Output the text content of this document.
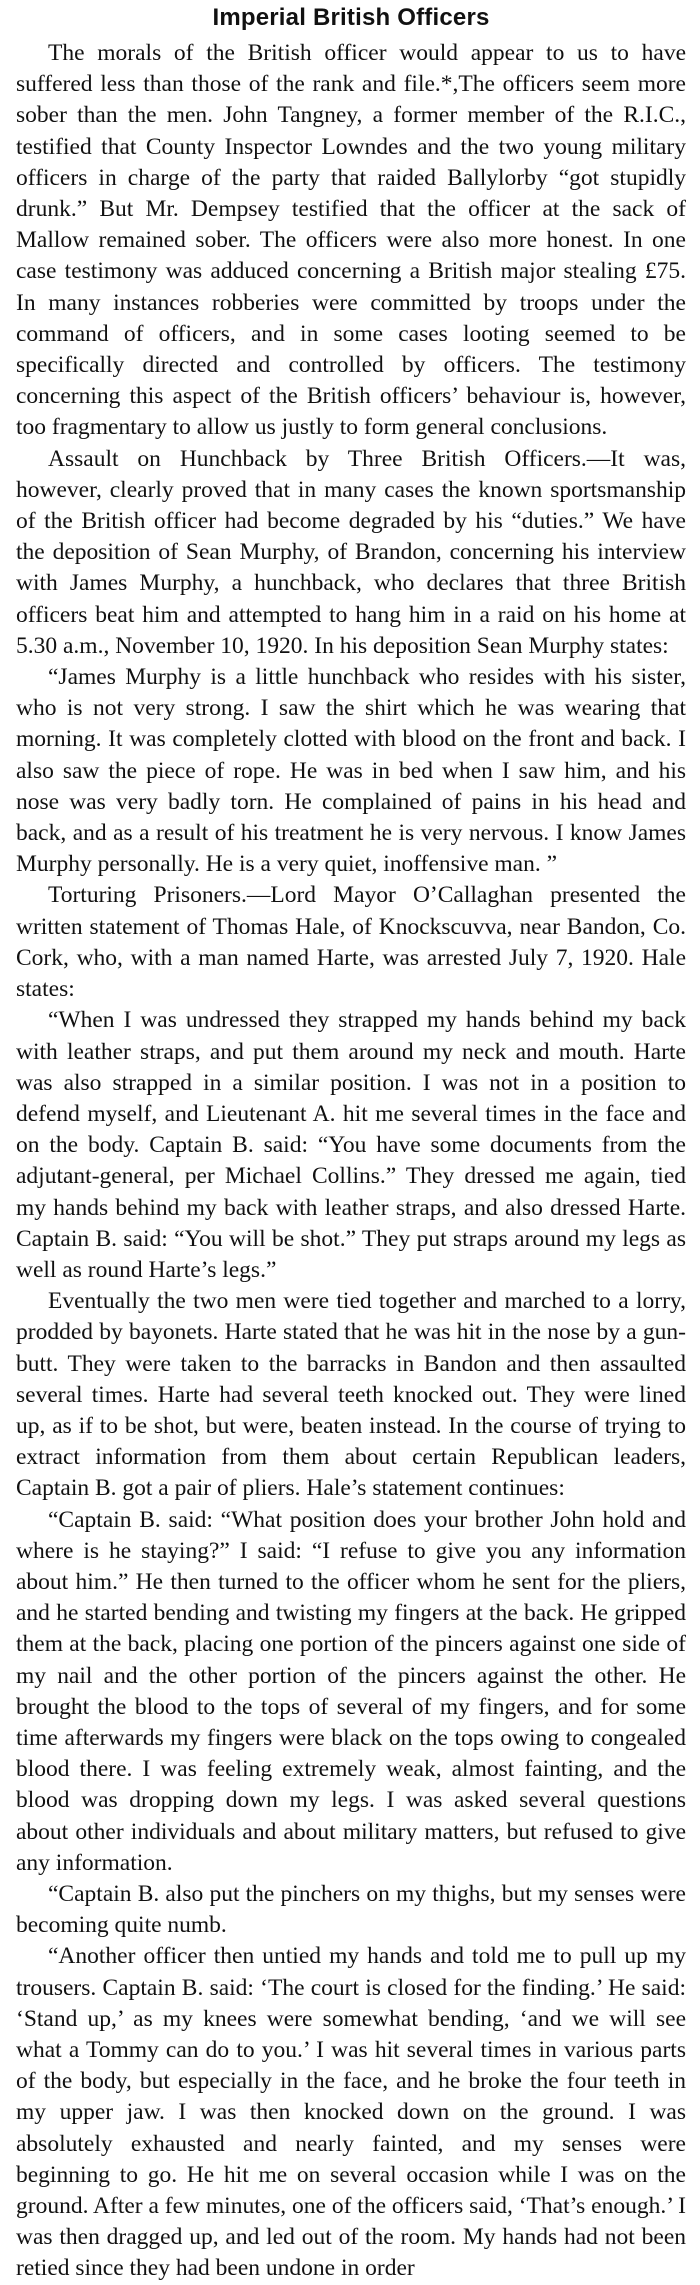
Imperial British Officers

The morals of the British officer would appear to us to have suffered less than those of the rank and file.*,The officers seem more sober than the men. John Tangney, a former member of the R.I.C., testified that County Inspector Lowndes and the two young military officers in charge of the party that raided Ballylorby “got stupidly drunk.” But Mr. Dempsey testified that the officer at the sack of Mallow remained sober. The officers were also more honest. In one case testimony was adduced concerning a British major stealing £75. In many instances robberies were committed by troops under the command of officers, and in some cases looting seemed to be specifically directed and controlled by officers. The testimony concerning this aspect of the British officers’ behaviour is, however, too fragmentary to allow us justly to form general conclusions.

Assault on Hunchback by Three British Officers.—It was, however, clearly proved that in many cases the known sportsmanship of the British officer had become degraded by his “duties.” We have the deposition of Sean Murphy, of Brandon, concerning his interview with James Murphy, a hunchback, who declares that three British officers beat him and attempted to hang him in a raid on his home at 5.30 a.m., November 10, 1920. In his deposition Sean Murphy states:

“James Murphy is a little hunchback who resides with his sister, who is not very strong. I saw the shirt which he was wearing that morning. It was completely clotted with blood on the front and back. I also saw the piece of rope. He was in bed when I saw him, and his nose was very badly torn. He complained of pains in his head and back, and as a result of his treatment he is very nervous. I know James Murphy personally. He is a very quiet, inoffensive man. ”

Torturing Prisoners.—Lord Mayor O’Callaghan presented the written statement of Thomas Hale, of Knockscuvva, near Bandon, Co. Cork, who, with a man named Harte, was arrested July 7, 1920. Hale states:

“When I was undressed they strapped my hands behind my back with leather straps, and put them around my neck and mouth. Harte was also strapped in a similar position. I was not in a position to defend myself, and Lieutenant A. hit me several times in the face and on the body. Captain B. said: “You have some documents from the adjutant-general, per Michael Collins.” They dressed me again, tied my hands behind my back with leather straps, and also dressed Harte. Captain B. said: “You will be shot.” They put straps around my legs as well as round Harte’s legs.”

Eventually the two men were tied together and marched to a lorry, prodded by bayonets. Harte stated that he was hit in the nose by a gun-butt. They were taken to the barracks in Bandon and then assaulted several times. Harte had several teeth knocked out. They were lined up, as if to be shot, but were, beaten instead. In the course of trying to extract information from them about certain Republican leaders, Captain B. got a pair of pliers. Hale’s statement continues:

“Captain B. said: “What position does your brother John hold and where is he staying?” I said: “I refuse to give you any information about him.” He then turned to the officer whom he sent for the pliers, and he started bending and twisting my fingers at the back. He gripped them at the back, placing one portion of the pincers against one side of my nail and the other portion of the pincers against the other. He brought the blood to the tops of several of my fingers, and for some time afterwards my fingers were black on the tops owing to congealed blood there. I was feeling extremely weak, almost fainting, and the blood was dropping down my legs. I was asked several questions about other individuals and about military matters, but refused to give any information.

“Captain B. also put the pinchers on my thighs, but my senses were becoming quite numb.

“Another officer then untied my hands and told me to pull up my trousers. Captain B. said: ‘The court is closed for the finding.’ He said: ‘Stand up,’ as my knees were somewhat bending, ‘and we will see what a Tommy can do to you.’ I was hit several times in various parts of the body, but especially in the face, and he broke the four teeth in my upper jaw. I was then knocked down on the ground. I was absolutely exhausted and nearly fainted, and my senses were beginning to go. He hit me on several occasion while I was on the ground. After a few minutes, one of the officers said, ‘That’s enough.’ I was then dragged up, and led out of the room. My hands had not been retied since they had been undone in order
